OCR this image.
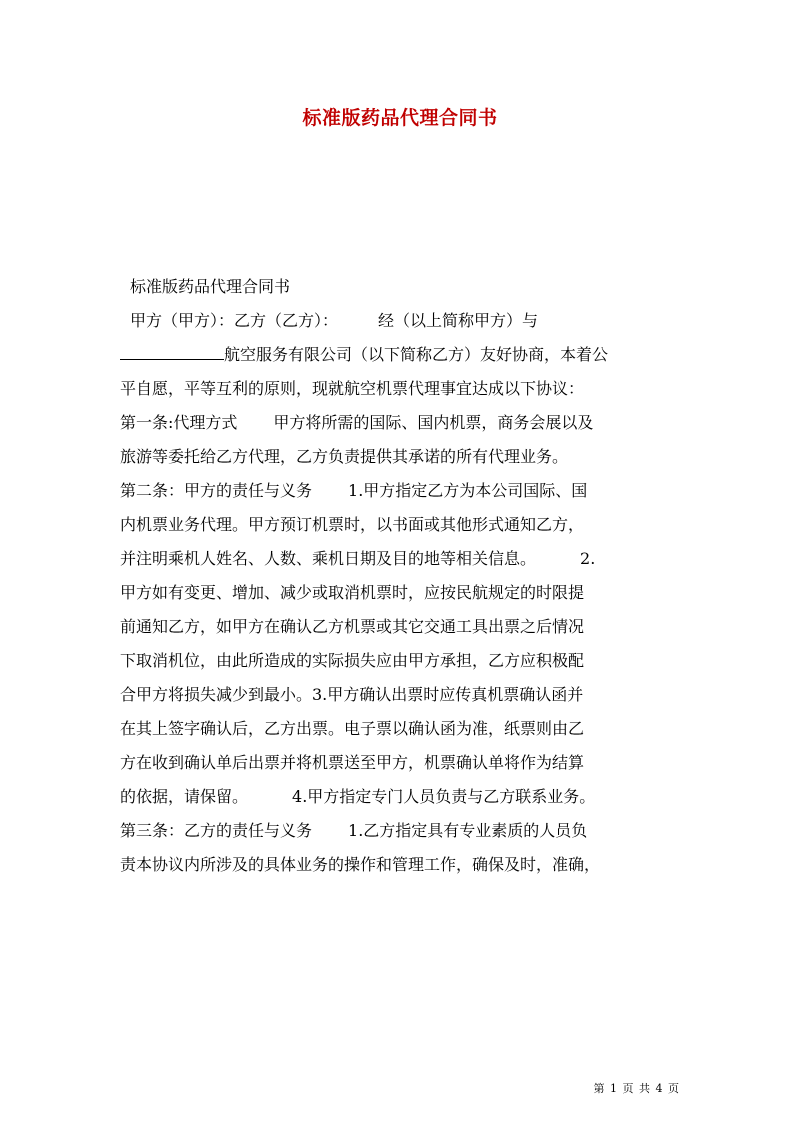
标准版药品代理合同书
标准版药品代理合同书
甲方（甲方）：乙方（乙方）：	经（以上简称甲方）与
航空服务有限公司（以下简称乙方）友好协商，本着公
平自愿，平等互利的原则，现就航空机票代理事宜达成以下协议：
第一条:代理方式 甲方将所需的国际、国内机票，商务会展以及
旅游等委托给乙方代理，乙方负责提供其承诺的所有代理业务。
第二条：甲方的责任与义务 1.甲方指定乙方为本公司国际、国
内机票业务代理。甲方预订机票时，以书面或其他形式通知乙方，
并注明乘机人姓名、人数、乘机日期及目的地等相关信息。	2.
甲方如有变更、增加、减少或取消机票时，应按民航规定的时限提
前通知乙方，如甲方在确认乙方机票或其它交通工具出票之后情况
下取消机位，由此所造成的实际损失应由甲方承担，乙方应积极配
合甲方将损失减少到最小。3.甲方确认出票时应传真机票确认函并
在其上签字确认后，乙方出票。电子票以确认函为准，纸票则由乙
方在收到确认单后出票并将机票送至甲方，机票确认单将作为结算
的依据，请保留。	4.甲方指定专门人员负责与乙方联系业务。
第三条：乙方的责任与义务 1.乙方指定具有专业素质的人员负
责本协议内所涉及的具体业务的操作和管理工作，确保及时，准确，
第 1 页 共 4 页
